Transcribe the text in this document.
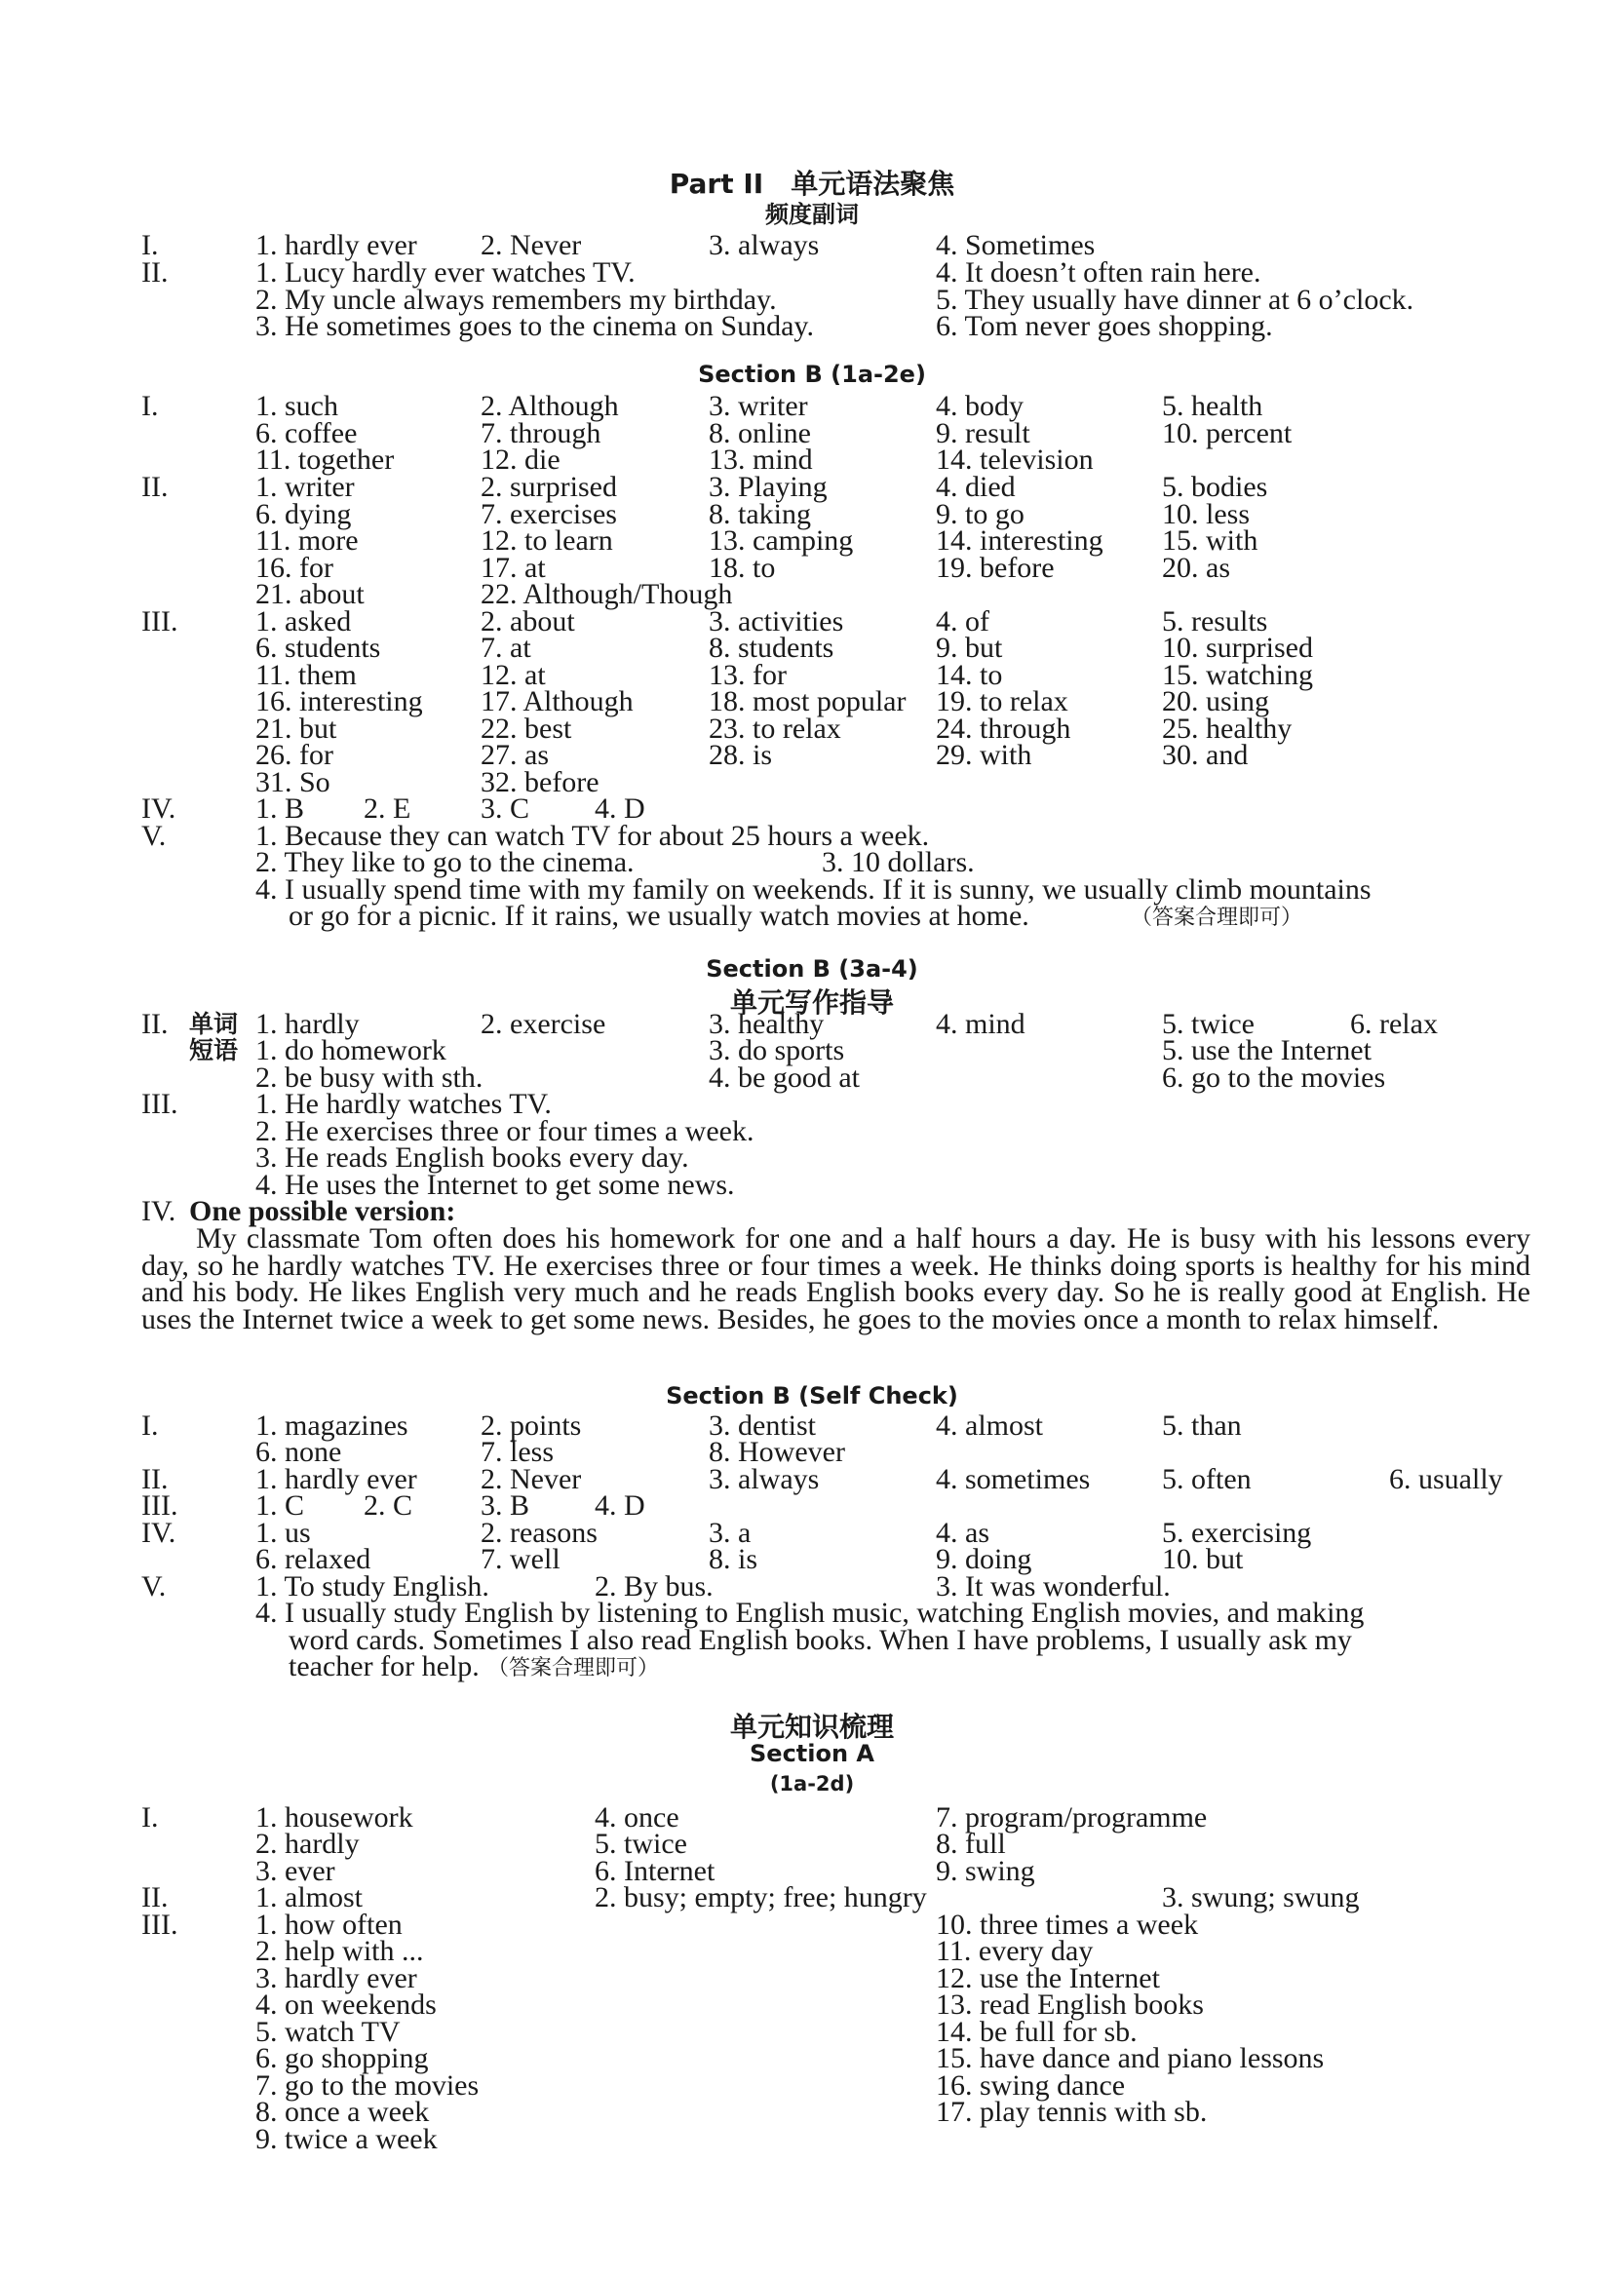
Part II　单元语法聚焦
频度副词
I.	1. hardly ever 2. Never	3. always	4. Sometimes
II.	1. Lucy hardly ever watches TV.	4. It doesn’t often rain here.
2. My uncle always remembers my birthday.	5. They usually have dinner at 6 o’clock.
3. He sometimes goes to the cinema on Sunday.	6. Tom never goes shopping.
Section B (1a-2e)
I.	1. such	2. Although	3. writer	4. body	5. health
6. coffee	7. through	8. online	9. result	10. percent
11. together	12. die	13. mind	14. television
II.	1. writer	2. surprised	3. Playing	4. died	5. bodies
6. dying	7. exercises	8. taking	9. to go	10. less
11. more	12. to learn	13. camping	14. interesting 15. with
16. for	17. at	18. to	19. before	20. as
21. about	22. Although/Though
III.	1. asked	2. about	3. activities	4. of	5. results
6. students	7. at	8. students	9. but	10. surprised
11. them	12. at	13. for	14. to	15. watching
16. interesting 17. Although	18. most popular 19. to relax	20. using
21. but	22. best	23. to relax	24. through	25. healthy
26. for	27. as	28. is	29. with	30. and
31. So	32. before
IV.	1. B 2. E 3. C 4. D
V.	1. Because they can watch TV for about 25 hours a week.
2. They like to go to the cinema.	3. 10 dollars.
4. I usually spend time with my family on weekends. If it is sunny, we usually climb mountains
or go for a picnic. If it rains, we usually watch movies at home.	（答案合理即可）
Section B (3a-4)
单元写作指导
II. 单词 1. hardly	2. exercise	3. healthy	4. mind	5. twice	6. relax
短语 1. do homework	3. do sports	5. use the Internet
2. be busy with sth.	4. be good at	6. go to the movies
III.	1. He hardly watches TV.
2. He exercises three or four times a week.
3. He reads English books every day.
4. He uses the Internet to get some news.
IV. One possible version:
My classmate Tom often does his homework for one and a half hours a day. He is busy with his lessons every day, so he hardly watches TV. He exercises three or four times a week. He thinks doing sports is healthy for his mind and his body. He likes English very much and he reads English books every day. So he is really good at English. He uses the Internet twice a week to get some news. Besides, he goes to the movies once a month to relax himself.
Section B (Self Check)
I.	1. magazines 2. points	3. dentist	4. almost	5. than
6. none	7. less	8. However
II.	1. hardly ever 2. Never	3. always	4. sometimes 5. often	6. usually
III.	1. C 2. C 3. B 4. D
IV.	1. us	2. reasons	3. a	4. as	5. exercising
6. relaxed	7. well	8. is	9. doing	10. but
V.	1. To study English.	2. By bus.	3. It was wonderful.
4. I usually study English by listening to English music, watching English movies, and making
word cards. Sometimes I also read English books. When I have problems, I usually ask my
teacher for help. （答案合理即可）
单元知识梳理
Section A
(1a-2d)
I.	1. housework	4. once	7. program/programme
2. hardly	5. twice	8. full
3. ever	6. Internet	9. swing
II.	1. almost	2. busy; empty; free; hungry	3. swung; swung
III.	1. how often	10. three times a week
2. help with ...	11. every day
3. hardly ever	12. use the Internet
4. on weekends	13. read English books
5. watch TV	14. be full for sb.
6. go shopping	15. have dance and piano lessons
7. go to the movies	16. swing dance
8. once a week	17. play tennis with sb.
9. twice a week
